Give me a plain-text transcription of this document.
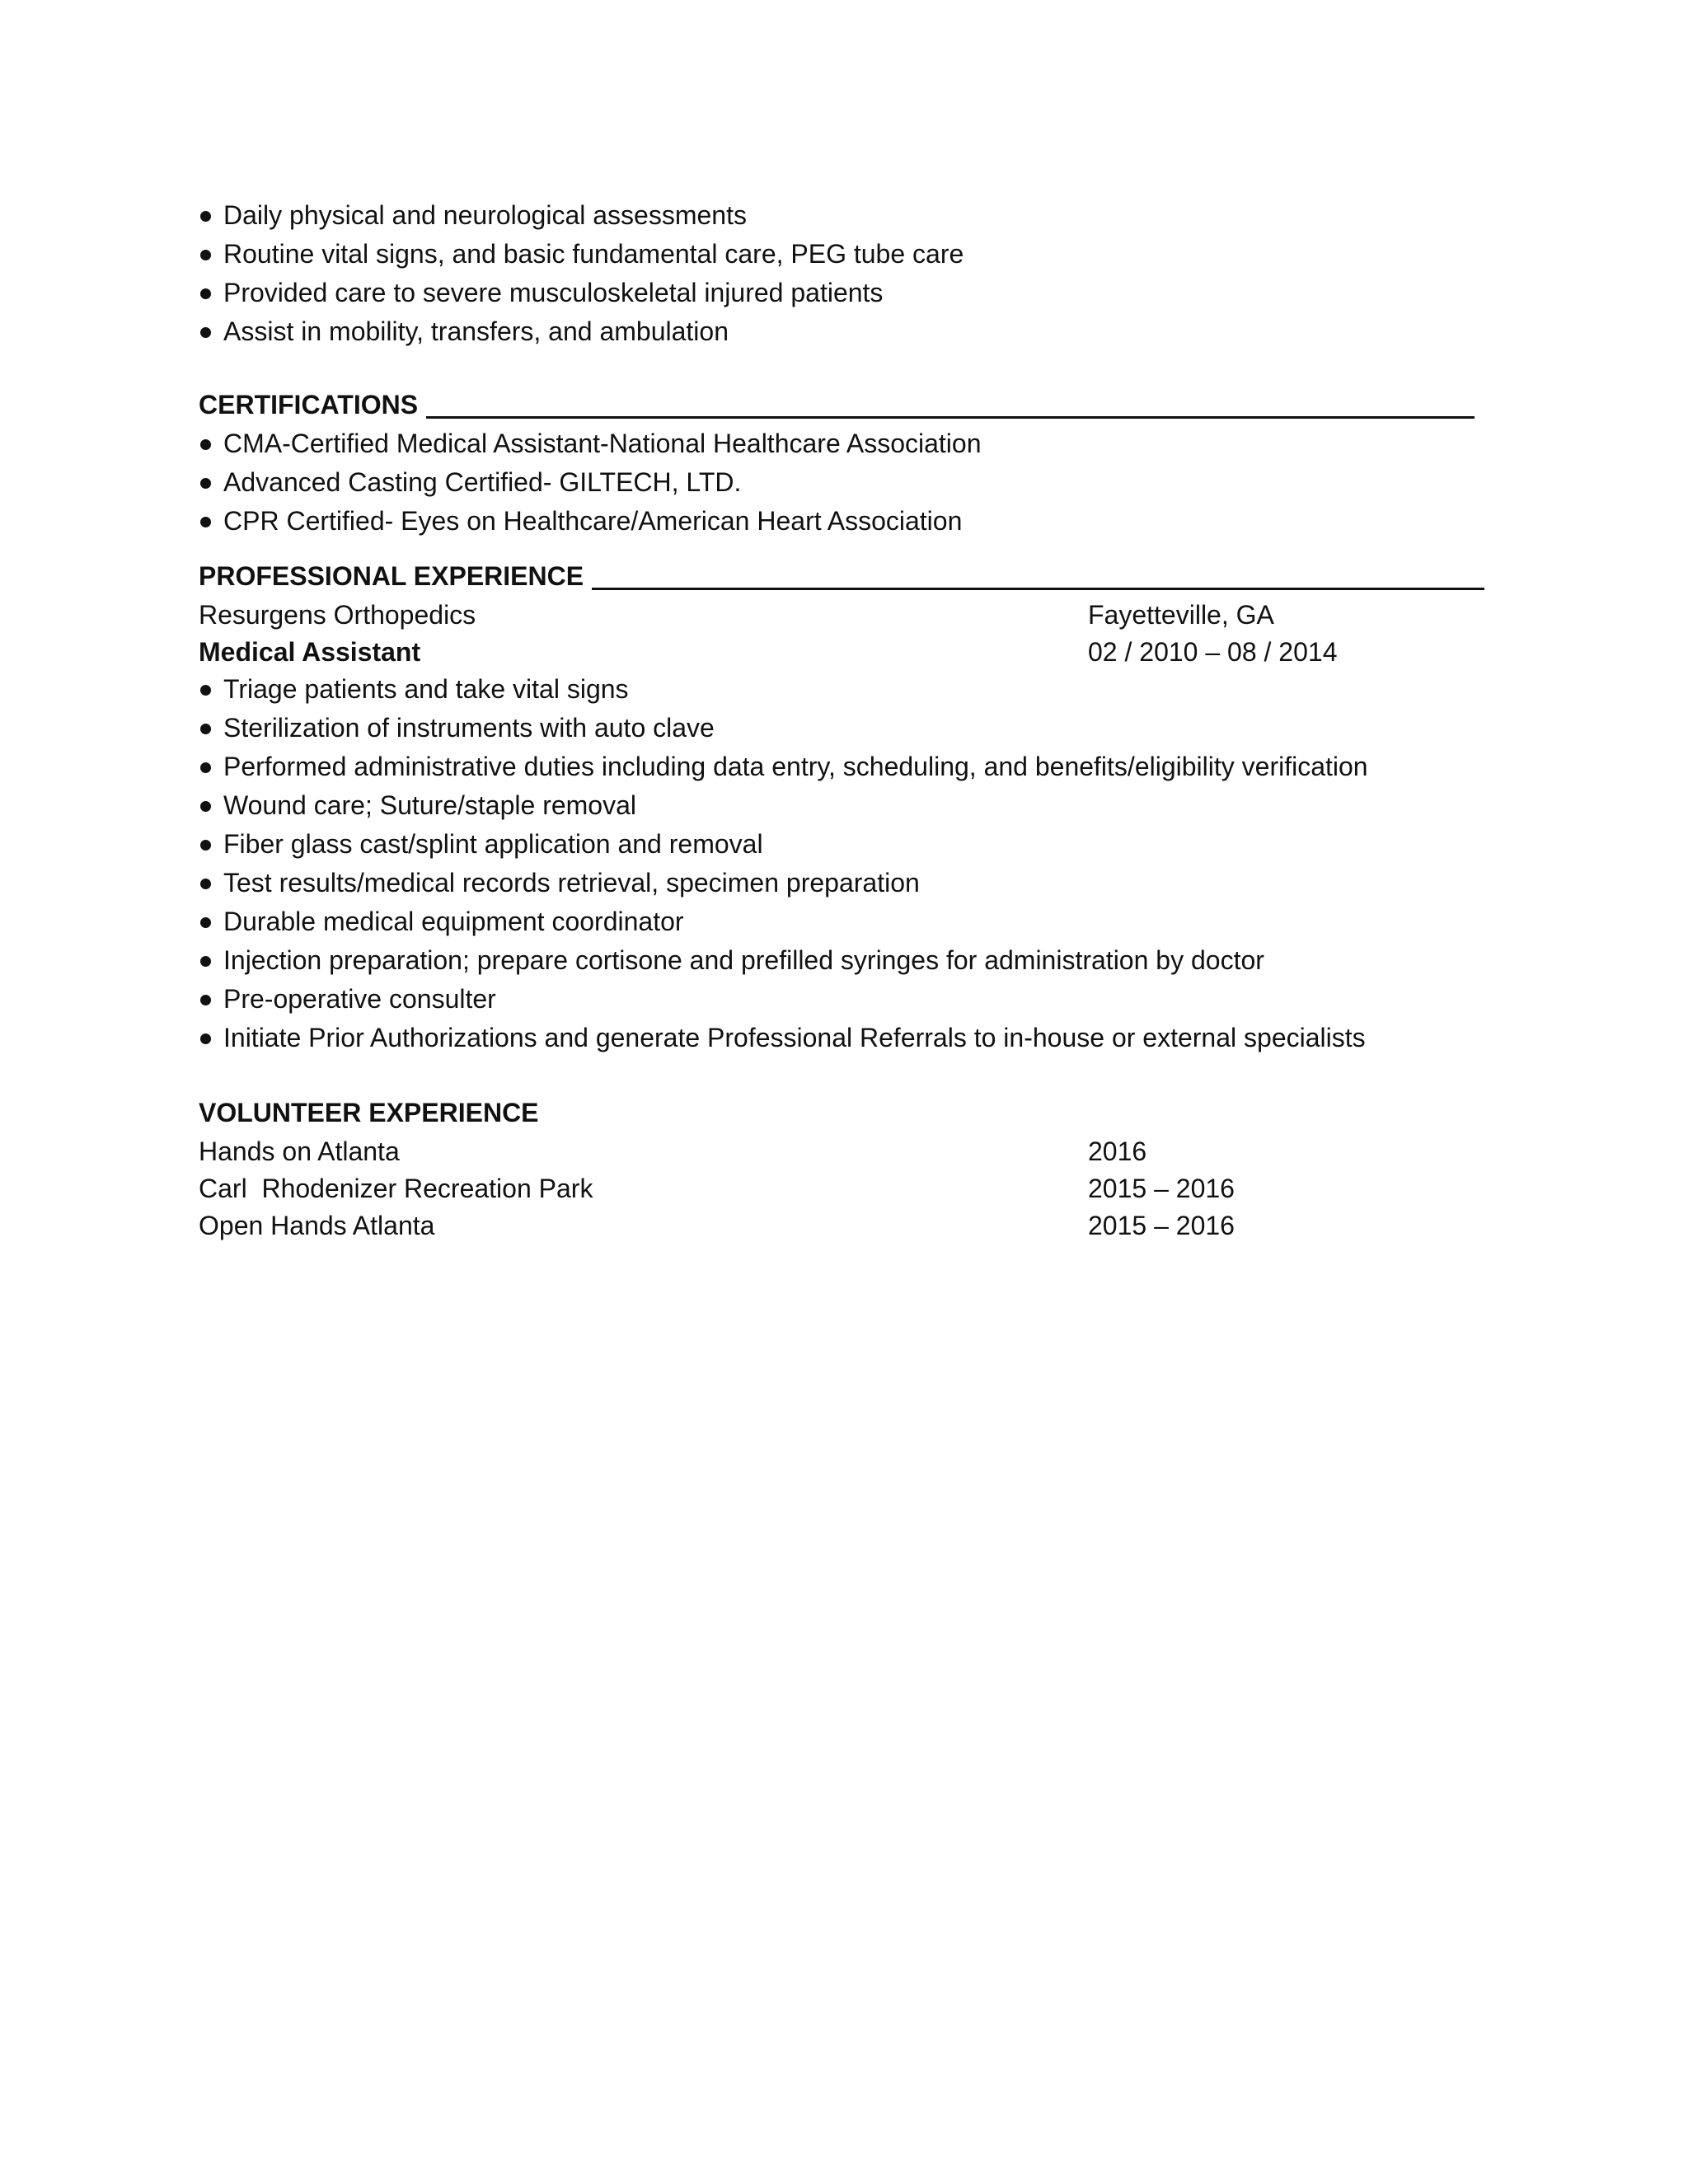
Daily physical and neurological assessments
Routine vital signs, and basic fundamental care, PEG tube care
Provided care to severe musculoskeletal injured patients
Assist in mobility, transfers, and ambulation
CERTIFICATIONS
CMA-Certified Medical Assistant-National Healthcare Association
Advanced Casting Certified- GILTECH, LTD.
CPR Certified- Eyes on Healthcare/American Heart Association
PROFESSIONAL EXPERIENCE
Resurgens Orthopedics	Fayetteville, GA
Medical Assistant	02 / 2010 – 08 / 2014
Triage patients and take vital signs
Sterilization of instruments with auto clave
Performed administrative duties including data entry, scheduling, and benefits/eligibility verification
Wound care; Suture/staple removal
Fiber glass cast/splint application and removal
Test results/medical records retrieval, specimen preparation
Durable medical equipment coordinator
Injection preparation; prepare cortisone and prefilled syringes for administration by doctor
Pre-operative consulter
Initiate Prior Authorizations and generate Professional Referrals to in-house or external specialists
VOLUNTEER EXPERIENCE
Hands on Atlanta	2016
Carl  Rhodenizer Recreation Park	2015 – 2016
Open Hands Atlanta	2015 – 2016
